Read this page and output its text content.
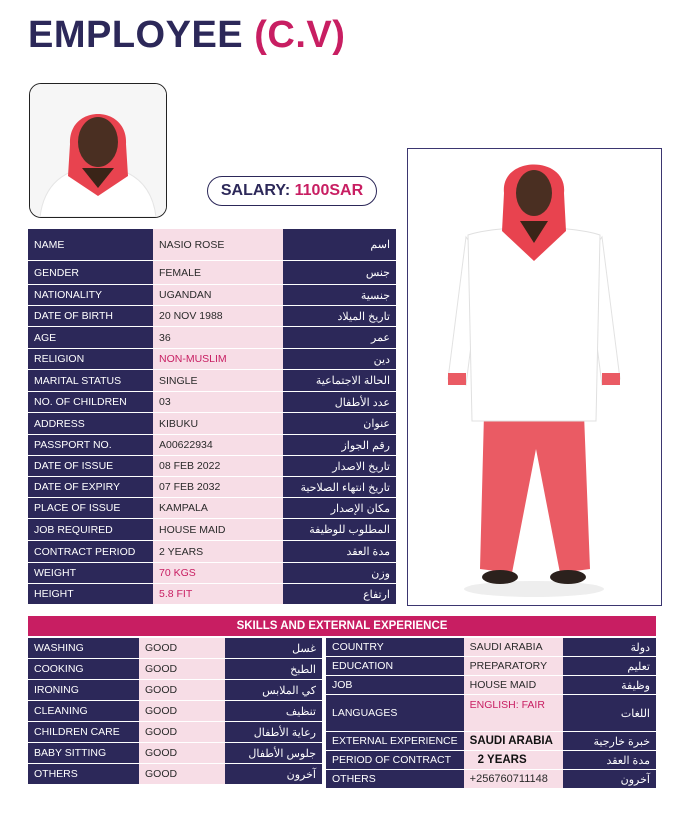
EMPLOYEE (C.V)
SALARY: 1100SAR
NAME	NASIO ROSE	اسم
GENDER	FEMALE	جنس
NATIONALITY	UGANDAN	جنسية
DATE OF BIRTH	20 NOV 1988	تاريخ الميلاد
AGE	36	عمر
RELIGION	NON-MUSLIM	دين
MARITAL STATUS	SINGLE	الحالة الاجتماعية
NO. OF CHILDREN	03	عدد الأطفال
ADDRESS	KIBUKU	عنوان
PASSPORT NO.	A00622934	رقم الجواز
DATE OF ISSUE	08 FEB 2022	تاريخ الاصدار
DATE OF EXPIRY	07 FEB 2032	تاريخ انتهاء الصلاحية
PLACE OF ISSUE	KAMPALA	مكان الإصدار
JOB REQUIRED	HOUSE MAID	المطلوب للوظيفة
CONTRACT PERIOD	2 YEARS	مدة العقد
WEIGHT	70 KGS	وزن
HEIGHT	5.8 FIT	ارتفاع
SKILLS AND EXTERNAL EXPERIENCE
WASHING	GOOD	غسل
COOKING	GOOD	الطبخ
IRONING	GOOD	كي الملابس
CLEANING	GOOD	تنظيف
CHILDREN CARE	GOOD	رعاية الأطفال
BABY SITTING	GOOD	جلوس الأطفال
OTHERS	GOOD	آخرون
COUNTRY	SAUDI ARABIA	دولة
EDUCATION	PREPARATORY	تعليم
JOB	HOUSE MAID	وظيفة
LANGUAGES	ENGLISH: FAIR	اللغات
EXTERNAL EXPERIENCE	SAUDI ARABIA	خبرة خارجية
PERIOD OF CONTRACT	2 YEARS	مدة العقد
OTHERS	+256760711148	آخرون
